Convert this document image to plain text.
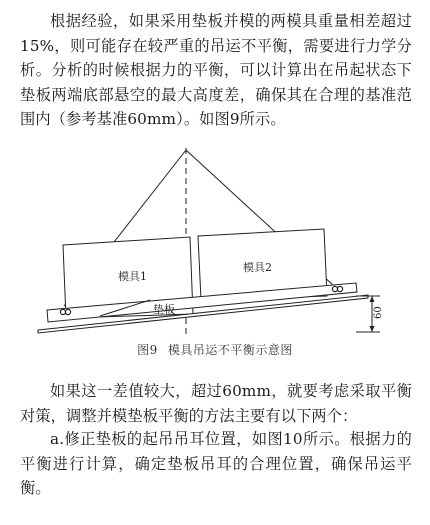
根据经验，如果采用垫板并模的两模具重量相差超过15%，则可能存在较严重的吊运不平衡，需要进行力学分析。分析的时候根据力的平衡，可以计算出在吊起状态下垫板两端底部悬空的最大高度差，确保其在合理的基准范围内（参考基准60mm）。如图9所示。
模具1
模具2
垫板	60
图9 模具吊运不平衡示意图
如果这一差值较大，超过60mm，就要考虑采取平衡对策，调整并模垫板平衡的方法主要有以下两个：
a.修正垫板的起吊吊耳位置，如图10所示。根据力的平衡进行计算，确定垫板吊耳的合理位置，确保吊运平衡。
